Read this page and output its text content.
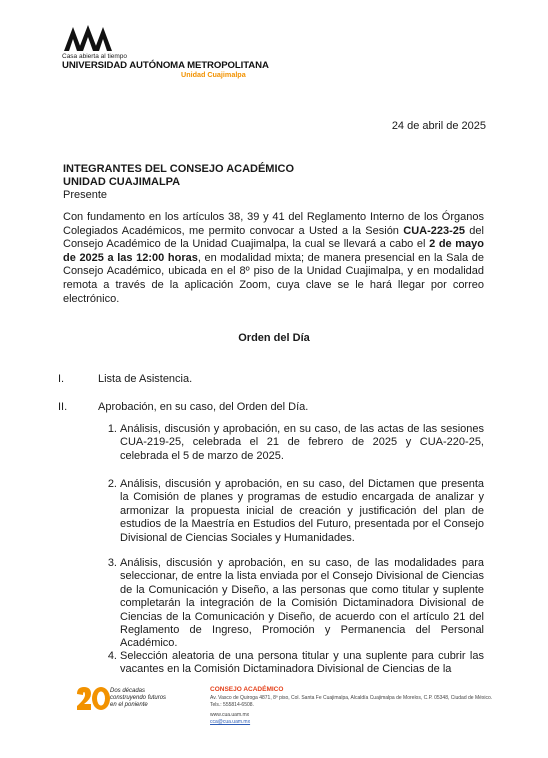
Casa abierta al tiempo
UNIVERSIDAD AUTÓNOMA METROPOLITANA
Unidad Cuajimalpa
24 de abril de 2025
INTEGRANTES DEL CONSEJO ACADÉMICO
UNIDAD CUAJIMALPA
Presente
Con fundamento en los artículos 38, 39 y 41 del Reglamento Interno de los Órganos Colegiados Académicos, me permito convocar a Usted a la Sesión CUA-223-25 del Consejo Académico de la Unidad Cuajimalpa, la cual se llevará a cabo el 2 de mayo de 2025 a las 12:00 horas, en modalidad mixta; de manera presencial en la Sala de Consejo Académico, ubicada en el 8º piso de la Unidad Cuajimalpa, y en modalidad remota a través de la aplicación Zoom, cuya clave se le hará llegar por correo electrónico.
Orden del Día
I.	Lista de Asistencia.
II.	Aprobación, en su caso, del Orden del Día.
1. Análisis, discusión y aprobación, en su caso, de las actas de las sesiones CUA-219-25, celebrada el 21 de febrero de 2025 y CUA-220-25, celebrada el 5 de marzo de 2025.
2. Análisis, discusión y aprobación, en su caso, del Dictamen que presenta la Comisión de planes y programas de estudio encargada de analizar y armonizar la propuesta inicial de creación y justificación del plan de estudios de la Maestría en Estudios del Futuro, presentada por el Consejo Divisional de Ciencias Sociales y Humanidades.
3. Análisis, discusión y aprobación, en su caso, de las modalidades para seleccionar, de entre la lista enviada por el Consejo Divisional de Ciencias de la Comunicación y Diseño, a las personas que como titular y suplente completarán la integración de la Comisión Dictaminadora Divisional de Ciencias de la Comunicación y Diseño, de acuerdo con el artículo 21 del Reglamento de Ingreso, Promoción y Permanencia del Personal Académico.
4. Selección aleatoria de una persona titular y una suplente para cubrir las vacantes en la Comisión Dictaminadora Divisional de Ciencias de la
Dos décadas
construyendo futuros
en el poniente
CONSEJO ACADÉMICO
Av. Vasco de Quiroga 4871, 8º piso, Col. Santa Fe Cuajimalpa, Alcaldía Cuajimalpa de Morelos, C.P. 05348, Ciudad de México. Tels.: 555814-6508.
www.cua.uam.mx
cca@cua.uam.mx
